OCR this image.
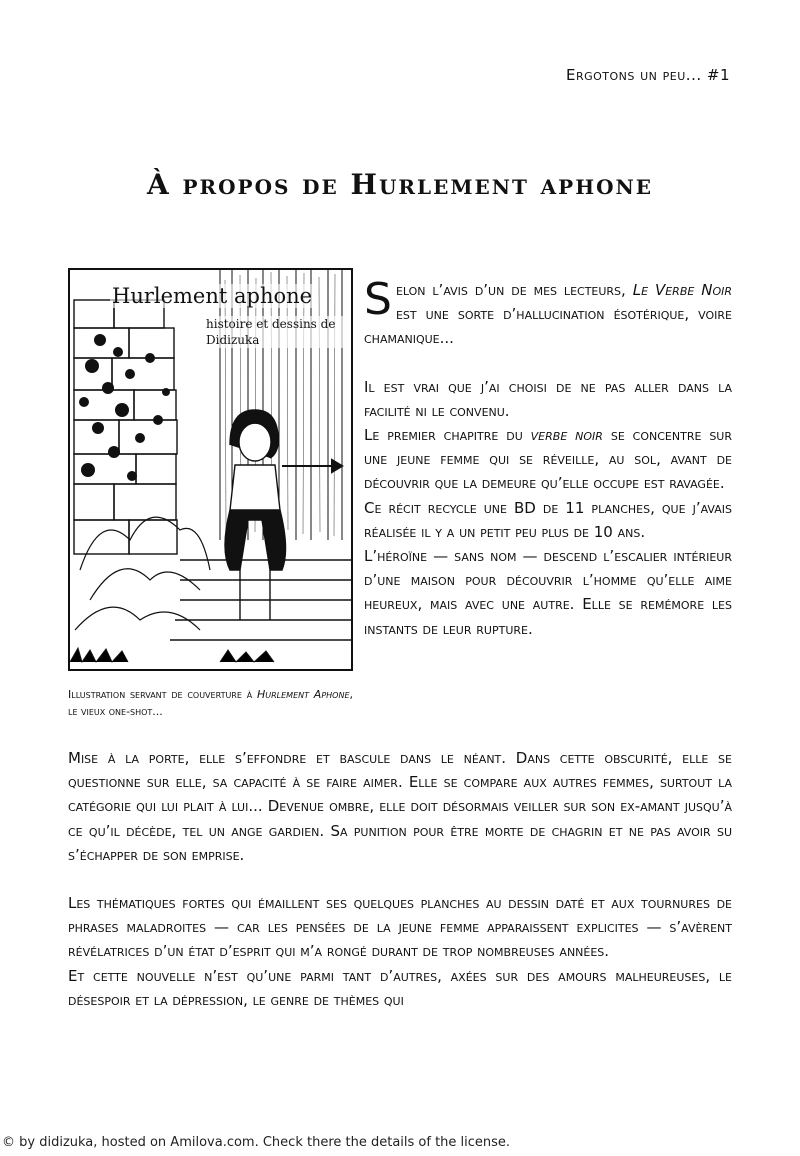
Ergotons un peu... #1
À propos de Hurlement aphone
Hurlement aphone
histoire et dessins de Didizuka
Illustration servant de couverture à Hurlement Aphone, le vieux one-shot...

Selon l’avis d’un de mes lecteurs, Le Verbe Noir est une sorte d’hallucination ésotérique, voire chamanique...

Il est vrai que j’ai choisi de ne pas aller dans la facilité ni le convenu.

Le premier chapitre du verbe noir se concentre sur une jeune femme qui se réveille, au sol, avant de découvrir que la demeure qu’elle occupe est ravagée.

Ce récit recycle une BD de 11 planches, que j’avais réalisée il y a un petit peu plus de 10 ans.

L’héroïne — sans nom — descend l’escalier intérieur d’une maison pour découvrir l’homme qu’elle aime heureux, mais avec une autre. Elle se remémore les instants de leur rupture.

Mise à la porte, elle s’effondre et bascule dans le néant. Dans cette obscurité, elle se questionne sur elle, sa capacité à se faire aimer. Elle se compare aux autres femmes, surtout la catégorie qui lui plait à lui... Devenue ombre, elle doit désormais veiller sur son ex-amant jusqu’à ce qu’il décède, tel un ange gardien. Sa punition pour être morte de chagrin et ne pas avoir su s’échapper de son emprise.

Les thématiques fortes qui émaillent ses quelques planches au dessin daté et aux tournures de phrases maladroites — car les pensées de la jeune femme apparaissent explicites — s’avèrent révélatrices d’un état d’esprit qui m’a rongé durant de trop nombreuses années.

Et cette nouvelle n’est qu’une parmi tant d’autres, axées sur des amours malheureuses, le désespoir et la dépression, le genre de thèmes qui

© by didizuka, hosted on Amilova.com. Check there the details of the license.
